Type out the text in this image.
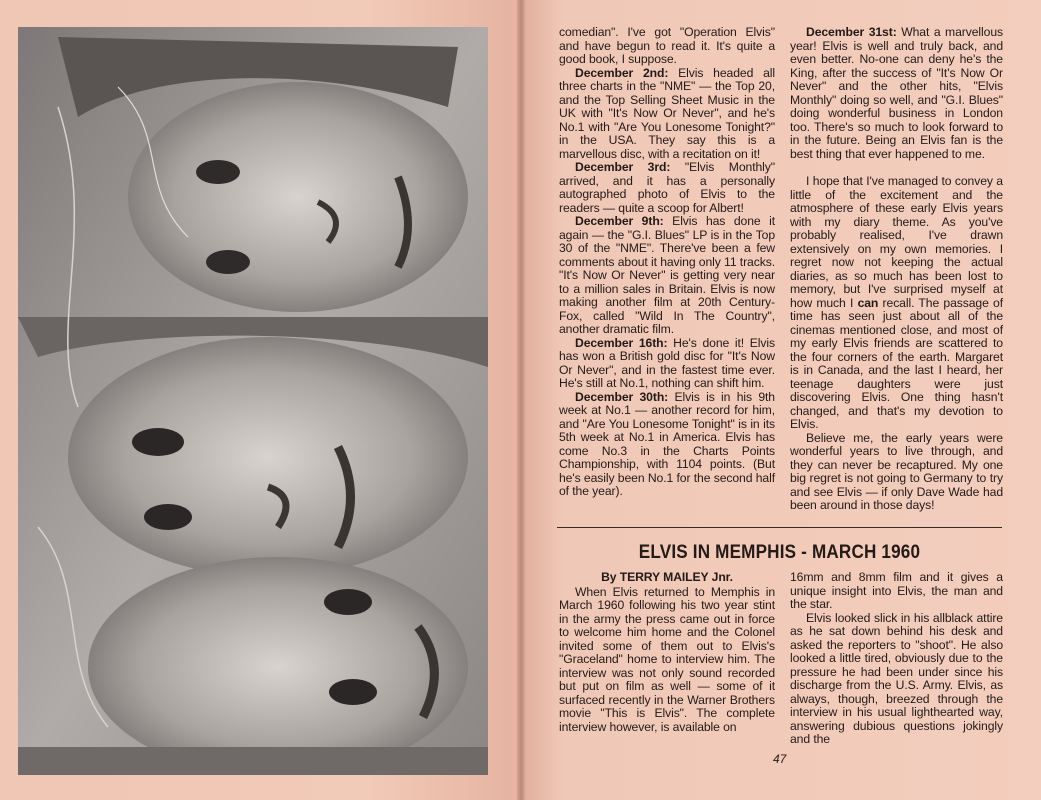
comedian". I've got "Operation Elvis" and have begun to read it. It's quite a good book, I suppose.

December 2nd: Elvis headed all three charts in the "NME" — the Top 20, and the Top Selling Sheet Music in the UK with "It's Now Or Never", and he's No.1 with "Are You Lonesome Tonight?" in the USA. They say this is a marvellous disc, with a recitation on it!

December 3rd: "Elvis Monthly" arrived, and it has a personally autographed photo of Elvis to the readers — quite a scoop for Albert!

December 9th: Elvis has done it again — the "G.I. Blues" LP is in the Top 30 of the "NME". There've been a few comments about it having only 11 tracks. "It's Now Or Never" is getting very near to a million sales in Britain. Elvis is now making another film at 20th Century-Fox, called "Wild In The Country", another dramatic film.

December 16th: He's done it! Elvis has won a British gold disc for "It's Now Or Never", and in the fastest time ever. He's still at No.1, nothing can shift him.

December 30th: Elvis is in his 9th week at No.1 — another record for him, and "Are You Lonesome Tonight" is in its 5th week at No.1 in America. Elvis has come No.3 in the Charts Points Championship, with 1104 points. (But he's easily been No.1 for the second half of the year).

December 31st: What a marvellous year! Elvis is well and truly back, and even better. No-one can deny he's the King, after the success of "It's Now Or Never" and the other hits, "Elvis Monthly" doing so well, and "G.I. Blues" doing wonderful business in London too. There's so much to look forward to in the future. Being an Elvis fan is the best thing that ever happened to me.

I hope that I've managed to convey a little of the excitement and the atmosphere of these early Elvis years with my diary theme. As you've probably realised, I've drawn extensively on my own memories. I regret now not keeping the actual diaries, as so much has been lost to memory, but I've surprised myself at how much I can recall. The passage of time has seen just about all of the cinemas mentioned close, and most of my early Elvis friends are scattered to the four corners of the earth. Margaret is in Canada, and the last I heard, her teenage daughters were just discovering Elvis. One thing hasn't changed, and that's my devotion to Elvis.

Believe me, the early years were wonderful years to live through, and they can never be recaptured. My one big regret is not going to Germany to try and see Elvis — if only Dave Wade had been around in those days!

ELVIS IN MEMPHIS - MARCH 1960

By TERRY MAILEY Jnr.

When Elvis returned to Memphis in March 1960 following his two year stint in the army the press came out in force to welcome him home and the Colonel invited some of them out to Elvis's "Graceland" home to interview him. The interview was not only sound recorded but put on film as well — some of it surfaced recently in the Warner Brothers movie "This is Elvis". The complete interview however, is available on

16mm and 8mm film and it gives a unique insight into Elvis, the man and the star.

Elvis looked slick in his allblack attire as he sat down behind his desk and asked the reporters to "shoot". He also looked a little tired, obviously due to the pressure he had been under since his discharge from the U.S. Army. Elvis, as always, though, breezed through the interview in his usual lighthearted way, answering dubious questions jokingly and the

47
